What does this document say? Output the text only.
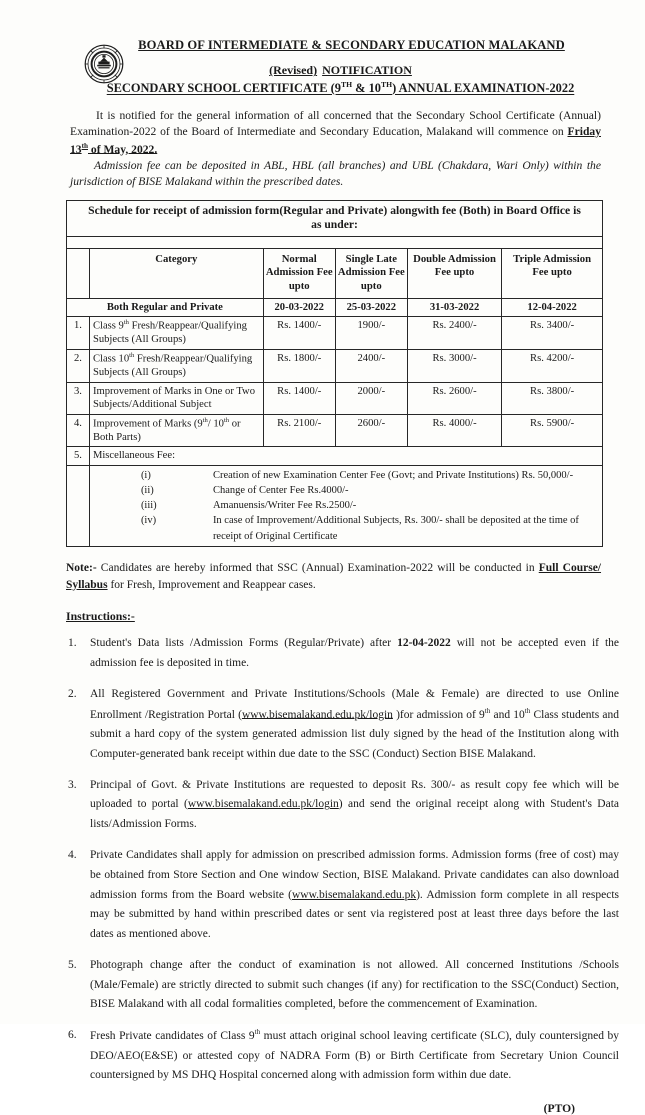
BOARD OF INTERMEDIATE & SECONDARY EDUCATION MALAKAND
(Revised) NOTIFICATION
SECONDARY SCHOOL CERTIFICATE (9TH & 10TH) ANNUAL EXAMINATION-2022

It is notified for the general information of all concerned that the Secondary School Certificate (Annual) Examination-2022 of the Board of Intermediate and Secondary Education, Malakand will commence on Friday 13th of May, 2022.

Admission fee can be deposited in ABL, HBL (all branches) and UBL (Chakdara, Wari Only) within the jurisdiction of BISE Malakand within the prescribed dates.

Schedule for receipt of admission form(Regular and Private) alongwith fee (Both) in Board Office is as under:

	Category	Normal Admission Fee upto	Single Late Admission Fee upto	Double Admission Fee upto	Triple Admission Fee upto
Both Regular and Private	20-03-2022	25-03-2022	31-03-2022	12-04-2022
1.	Class 9th Fresh/Reappear/Qualifying Subjects (All Groups)	Rs. 1400/-	1900/-	Rs. 2400/-	Rs. 3400/-
2.	Class 10th Fresh/Reappear/Qualifying Subjects (All Groups)	Rs. 1800/-	2400/-	Rs. 3000/-	Rs. 4200/-
3.	Improvement of Marks in One or Two Subjects/Additional Subject	Rs. 1400/-	2000/-	Rs. 2600/-	Rs. 3800/-
4.	Improvement of Marks (9th/ 10th or Both Parts)	Rs. 2100/-	2600/-	Rs. 4000/-	Rs. 5900/-
5.	Miscellaneous Fee:

(i)	Creation of new Examination Center Fee (Govt; and Private Institutions) Rs. 50,000/-
(ii)	Change of Center Fee Rs.4000/-
(iii)	Amanuensis/Writer Fee Rs.2500/-
(iv)	In case of Improvement/Additional Subjects, Rs. 300/- shall be deposited at the time of receipt of Original Certificate
Note:- Candidates are hereby informed that SSC (Annual) Examination-2022 will be conducted in Full Course/ Syllabus for Fresh, Improvement and Reappear cases.
Instructions:-
Student's Data lists /Admission Forms (Regular/Private) after 12-04-2022 will not be accepted even if the admission fee is deposited in time.
All Registered Government and Private Institutions/Schools (Male & Female) are directed to use Online Enrollment /Registration Portal (www.bisemalakand.edu.pk/login )for admission of 9th and 10th Class students and submit a hard copy of the system generated admission list duly signed by the head of the Institution along with Computer-generated bank receipt within due date to the SSC (Conduct) Section BISE Malakand.
Principal of Govt. & Private Institutions are requested to deposit Rs. 300/- as result copy fee which will be uploaded to portal (www.bisemalakand.edu.pk/login) and send the original receipt along with Student's Data lists/Admission Forms.
Private Candidates shall apply for admission on prescribed admission forms. Admission forms (free of cost) may be obtained from Store Section and One window Section, BISE Malakand. Private candidates can also download admission forms from the Board website (www.bisemalakand.edu.pk). Admission form complete in all respects may be submitted by hand within prescribed dates or sent via registered post at least three days before the last dates as mentioned above.
Photograph change after the conduct of examination is not allowed. All concerned Institutions /Schools (Male/Female) are strictly directed to submit such changes (if any) for rectification to the SSC(Conduct) Section, BISE Malakand with all codal formalities completed, before the commencement of Examination.
Fresh Private candidates of Class 9th must attach original school leaving certificate (SLC), duly countersigned by DEO/AEO(E&SE) or attested copy of NADRA Form (B) or Birth Certificate from Secretary Union Council countersigned by MS DHQ Hospital concerned along with admission form within due date.
(PTO)
